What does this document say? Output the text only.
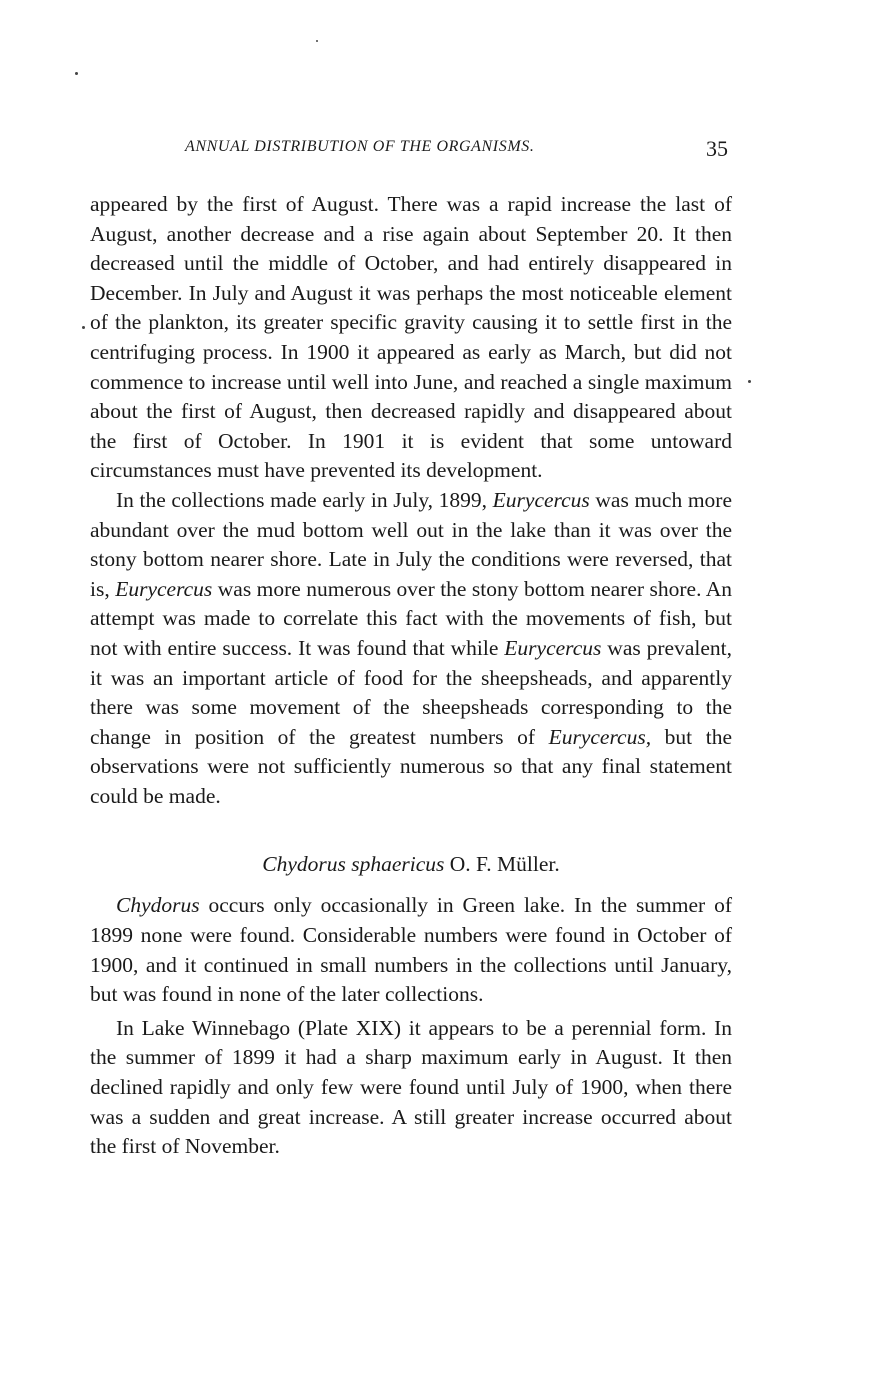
ANNUAL DISTRIBUTION OF THE ORGANISMS.	35

appeared by the first of August. There was a rapid increase the last of August, another decrease and a rise again about September 20. It then decreased until the middle of October, and had entirely disappeared in December. In July and August it was perhaps the most noticeable element of the plankton, its greater specific gravity causing it to settle first in the centrifuging process. In 1900 it appeared as early as March, but did not commence to increase until well into June, and reached a single maximum about the first of August, then decreased rapidly and disappeared about the first of October. In 1901 it is evident that some untoward circumstances must have prevented its development.

In the collections made early in July, 1899, Eurycercus was much more abundant over the mud bottom well out in the lake than it was over the stony bottom nearer shore. Late in July the conditions were reversed, that is, Eurycercus was more numerous over the stony bottom nearer shore. An attempt was made to correlate this fact with the movements of fish, but not with entire success. It was found that while Eurycercus was prevalent, it was an important article of food for the sheepsheads, and apparently there was some movement of the sheepsheads corresponding to the change in position of the greatest numbers of Eurycercus, but the observations were not sufficiently numerous so that any final statement could be made.

Chydorus sphaericus O. F. Müller.

Chydorus occurs only occasionally in Green lake. In the summer of 1899 none were found. Considerable numbers were found in October of 1900, and it continued in small numbers in the collections until January, but was found in none of the later collections.

In Lake Winnebago (Plate XIX) it appears to be a perennial form. In the summer of 1899 it had a sharp maximum early in August. It then declined rapidly and only few were found until July of 1900, when there was a sudden and great increase. A still greater increase occurred about the first of November.
